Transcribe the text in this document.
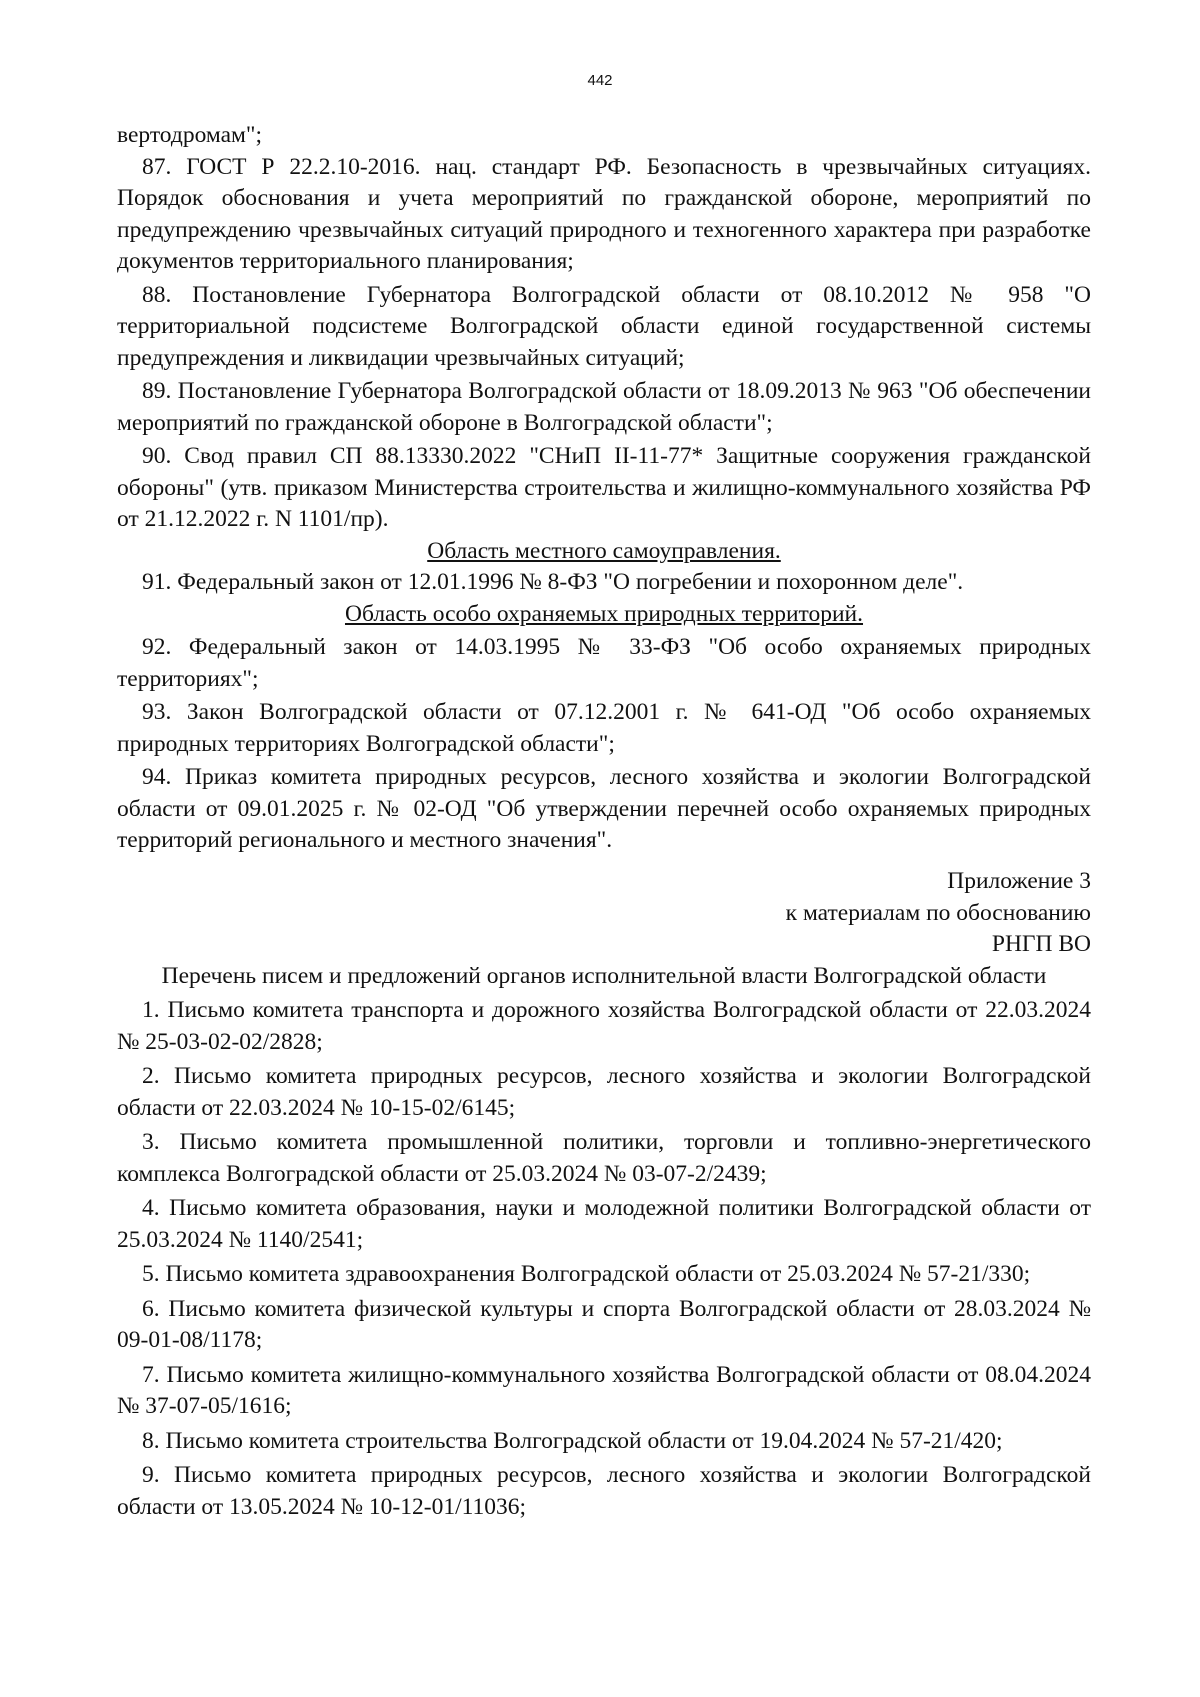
442

вертодромам";

87. ГОСТ Р 22.2.10-2016. нац. стандарт РФ. Безопасность в чрезвычайных ситуациях. Порядок обоснования и учета мероприятий по гражданской обороне, мероприятий по предупреждению чрезвычайных ситуаций природного и техногенного характера при разработке документов территориального планирования;

88. Постановление Губернатора Волгоградской области от 08.10.2012 № 958 "О территориальной подсистеме Волгоградской области единой государственной системы предупреждения и ликвидации чрезвычайных ситуаций;

89. Постановление Губернатора Волгоградской области от 18.09.2013 № 963 "Об обеспечении мероприятий по гражданской обороне в Волгоградской области";

90. Свод правил СП 88.13330.2022 "СНиП II-11-77* Защитные сооружения гражданской обороны" (утв. приказом Министерства строительства и жилищно-коммунального хозяйства РФ от 21.12.2022 г. N 1101/пр).

Область местного самоуправления.

91. Федеральный закон от 12.01.1996 № 8-ФЗ "О погребении и похоронном деле".

Область особо охраняемых природных территорий.

92. Федеральный закон от 14.03.1995 № 33-ФЗ "Об особо охраняемых природных территориях";

93. Закон Волгоградской области от 07.12.2001 г. № 641-ОД "Об особо охраняемых природных территориях Волгоградской области";

94. Приказ комитета природных ресурсов, лесного хозяйства и экологии Волгоградской области от 09.01.2025 г. № 02-ОД "Об утверждении перечней особо охраняемых природных территорий регионального и местного значения".

Приложение 3

к материалам по обоснованию

РНГП ВО

Перечень писем и предложений органов исполнительной власти Волгоградской области

1. Письмо комитета транспорта и дорожного хозяйства Волгоградской области от 22.03.2024 № 25-03-02-02/2828;

2. Письмо комитета природных ресурсов, лесного хозяйства и экологии Волгоградской области от 22.03.2024 № 10-15-02/6145;

3. Письмо комитета промышленной политики, торговли и топливно-энергетического комплекса Волгоградской области от 25.03.2024 № 03-07-2/2439;

4. Письмо комитета образования, науки и молодежной политики Волгоградской области от 25.03.2024 № 1140/2541;

5. Письмо комитета здравоохранения Волгоградской области от 25.03.2024 № 57-21/330;

6. Письмо комитета физической культуры и спорта Волгоградской области от 28.03.2024 № 09-01-08/1178;

7. Письмо комитета жилищно-коммунального хозяйства Волгоградской области от 08.04.2024 № 37-07-05/1616;

8. Письмо комитета строительства Волгоградской области от 19.04.2024 № 57-21/420;

9. Письмо комитета природных ресурсов, лесного хозяйства и экологии Волгоградской области от 13.05.2024 № 10-12-01/11036;
